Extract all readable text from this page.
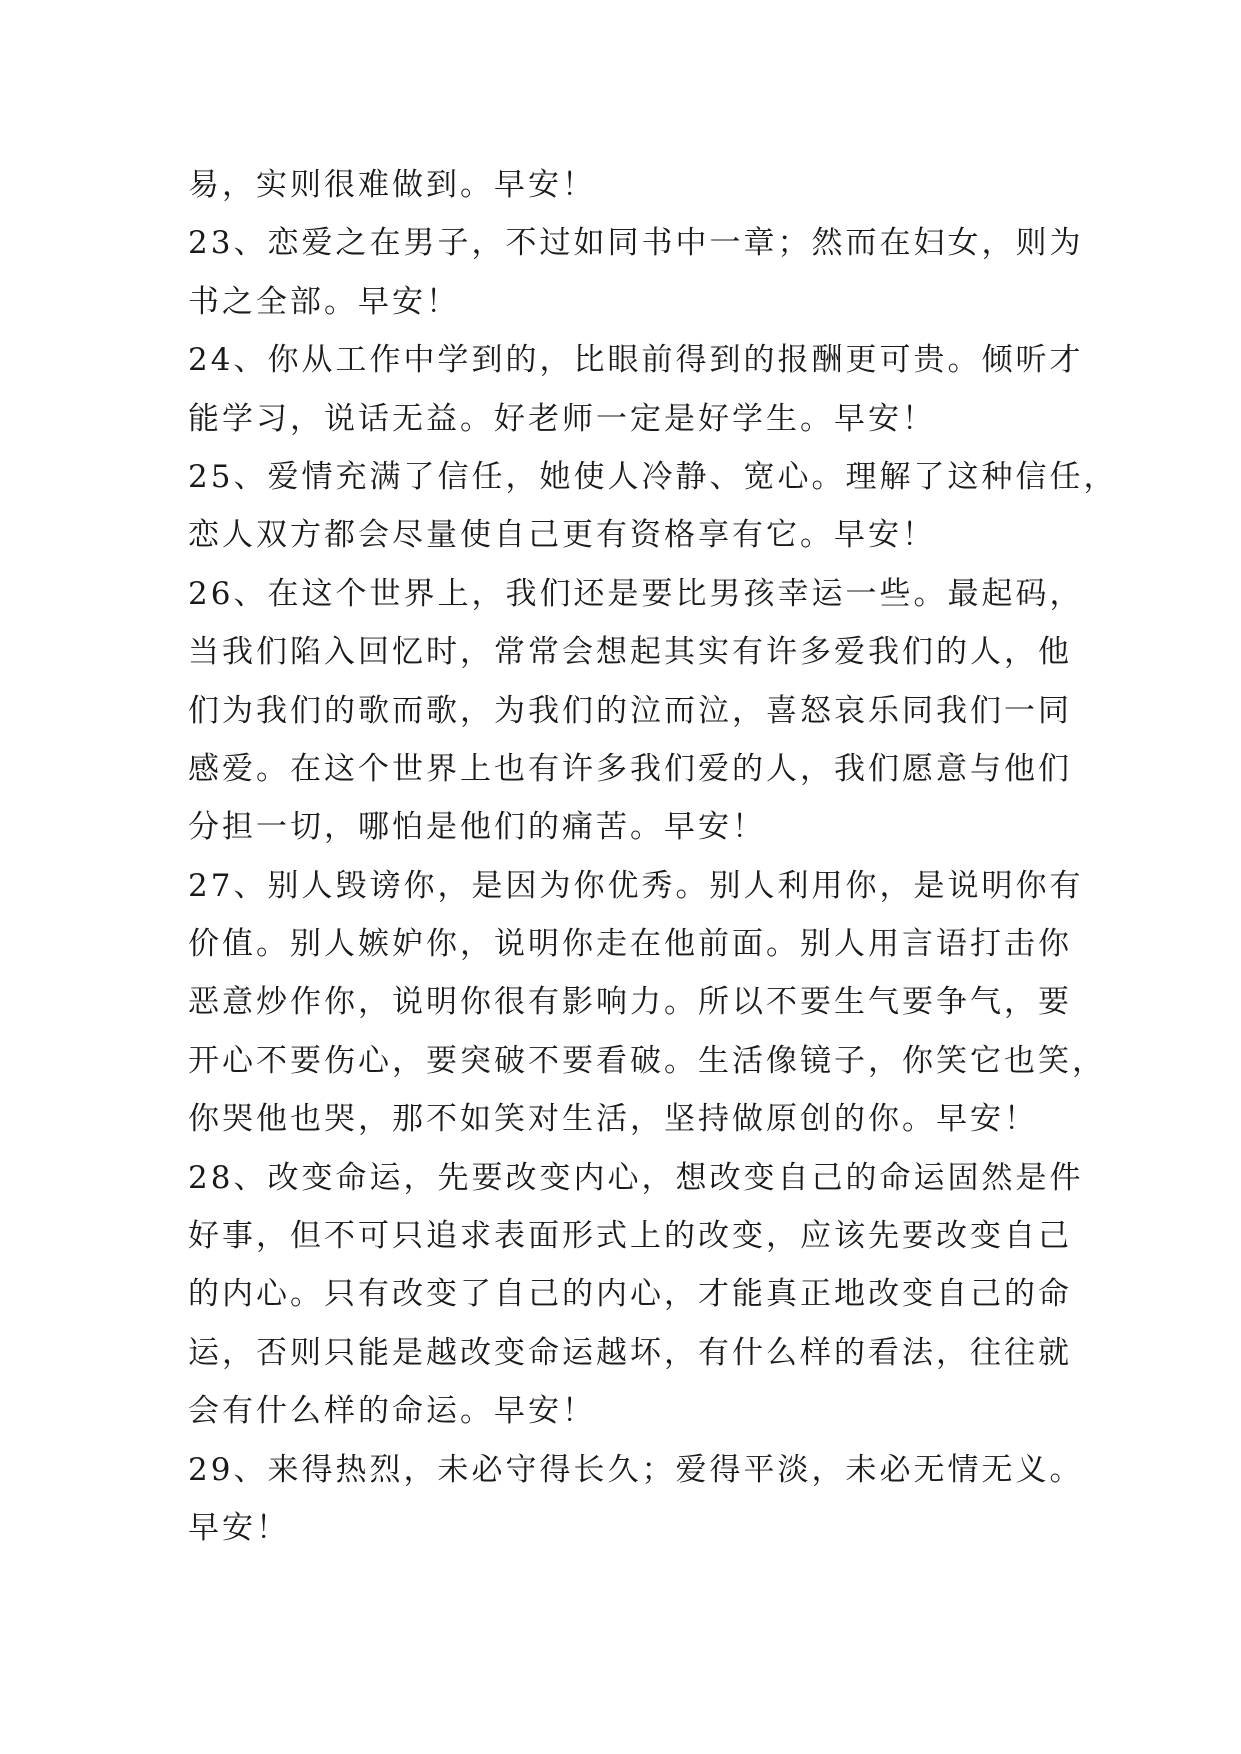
易，实则很难做到。早安！
23、恋爱之在男子，不过如同书中一章；然而在妇女，则为
书之全部。早安！
24、你从工作中学到的，比眼前得到的报酬更可贵。倾听才
能学习，说话无益。好老师一定是好学生。早安！
25、爱情充满了信任，她使人冷静、宽心。理解了这种信任，
恋人双方都会尽量使自己更有资格享有它。早安！
26、在这个世界上，我们还是要比男孩幸运一些。最起码，
当我们陷入回忆时，常常会想起其实有许多爱我们的人，他
们为我们的歌而歌，为我们的泣而泣，喜怒哀乐同我们一同
感爱。在这个世界上也有许多我们爱的人，我们愿意与他们
分担一切，哪怕是他们的痛苦。早安！
27、别人毁谤你，是因为你优秀。别人利用你，是说明你有
价值。别人嫉妒你，说明你走在他前面。别人用言语打击你
恶意炒作你，说明你很有影响力。所以不要生气要争气，要
开心不要伤心，要突破不要看破。生活像镜子，你笑它也笑，
你哭他也哭，那不如笑对生活，坚持做原创的你。早安！
28、改变命运，先要改变内心，想改变自己的命运固然是件
好事，但不可只追求表面形式上的改变，应该先要改变自己
的内心。只有改变了自己的内心，才能真正地改变自己的命
运，否则只能是越改变命运越坏，有什么样的看法，往往就
会有什么样的命运。早安！
29、来得热烈，未必守得长久；爱得平淡，未必无情无义。
早安！
